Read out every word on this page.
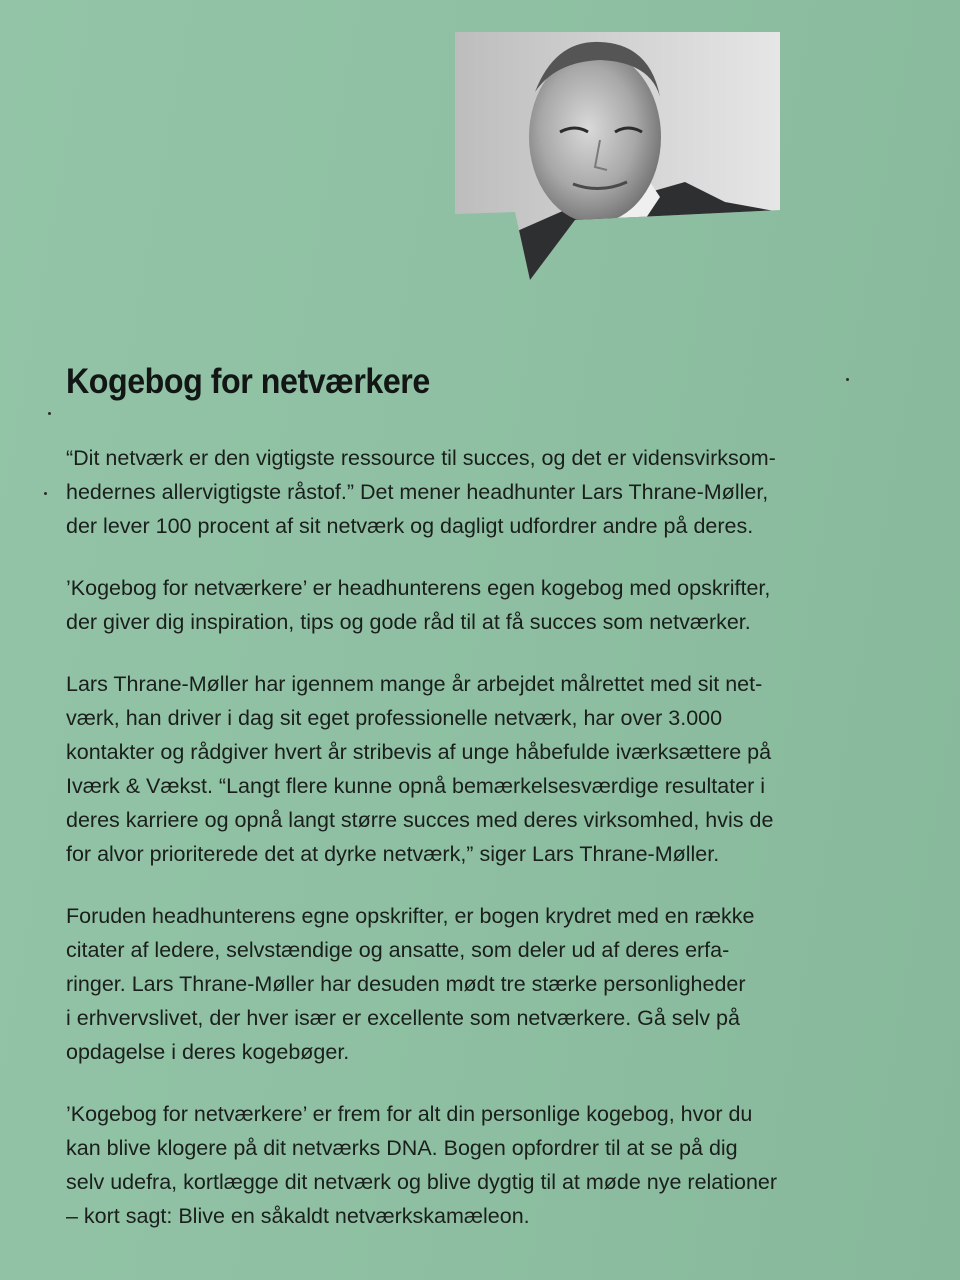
Kogebog for netværkere

“Dit netværk er den vigtigste ressource til succes, og det er vidensvirksom-
hedernes allervigtigste råstof.” Det mener headhunter Lars Thrane-Møller,
der lever 100 procent af sit netværk og dagligt udfordrer andre på deres.

’Kogebog for netværkere’ er headhunterens egen kogebog med opskrifter,
der giver dig inspiration, tips og gode råd til at få succes som netværker.

Lars Thrane-Møller har igennem mange år arbejdet målrettet med sit net-
værk, han driver i dag sit eget professionelle netværk, har over 3.000
kontakter og rådgiver hvert år stribevis af unge håbefulde iværksættere på
Iværk & Vækst. “Langt flere kunne opnå bemærkelsesværdige resultater i
deres karriere og opnå langt større succes med deres virksomhed, hvis de
for alvor prioriterede det at dyrke netværk,” siger Lars Thrane-Møller.

Foruden headhunterens egne opskrifter, er bogen krydret med en række
citater af ledere, selvstændige og ansatte, som deler ud af deres erfa-
ringer. Lars Thrane-Møller har desuden mødt tre stærke personligheder
i erhvervslivet, der hver især er excellente som netværkere. Gå selv på
opdagelse i deres kogebøger.

’Kogebog for netværkere’ er frem for alt din personlige kogebog, hvor du
kan blive klogere på dit netværks DNA. Bogen opfordrer til at se på dig
selv udefra, kortlægge dit netværk og blive dygtig til at møde nye relationer
– kort sagt: Blive en såkaldt netværkskamæleon.
